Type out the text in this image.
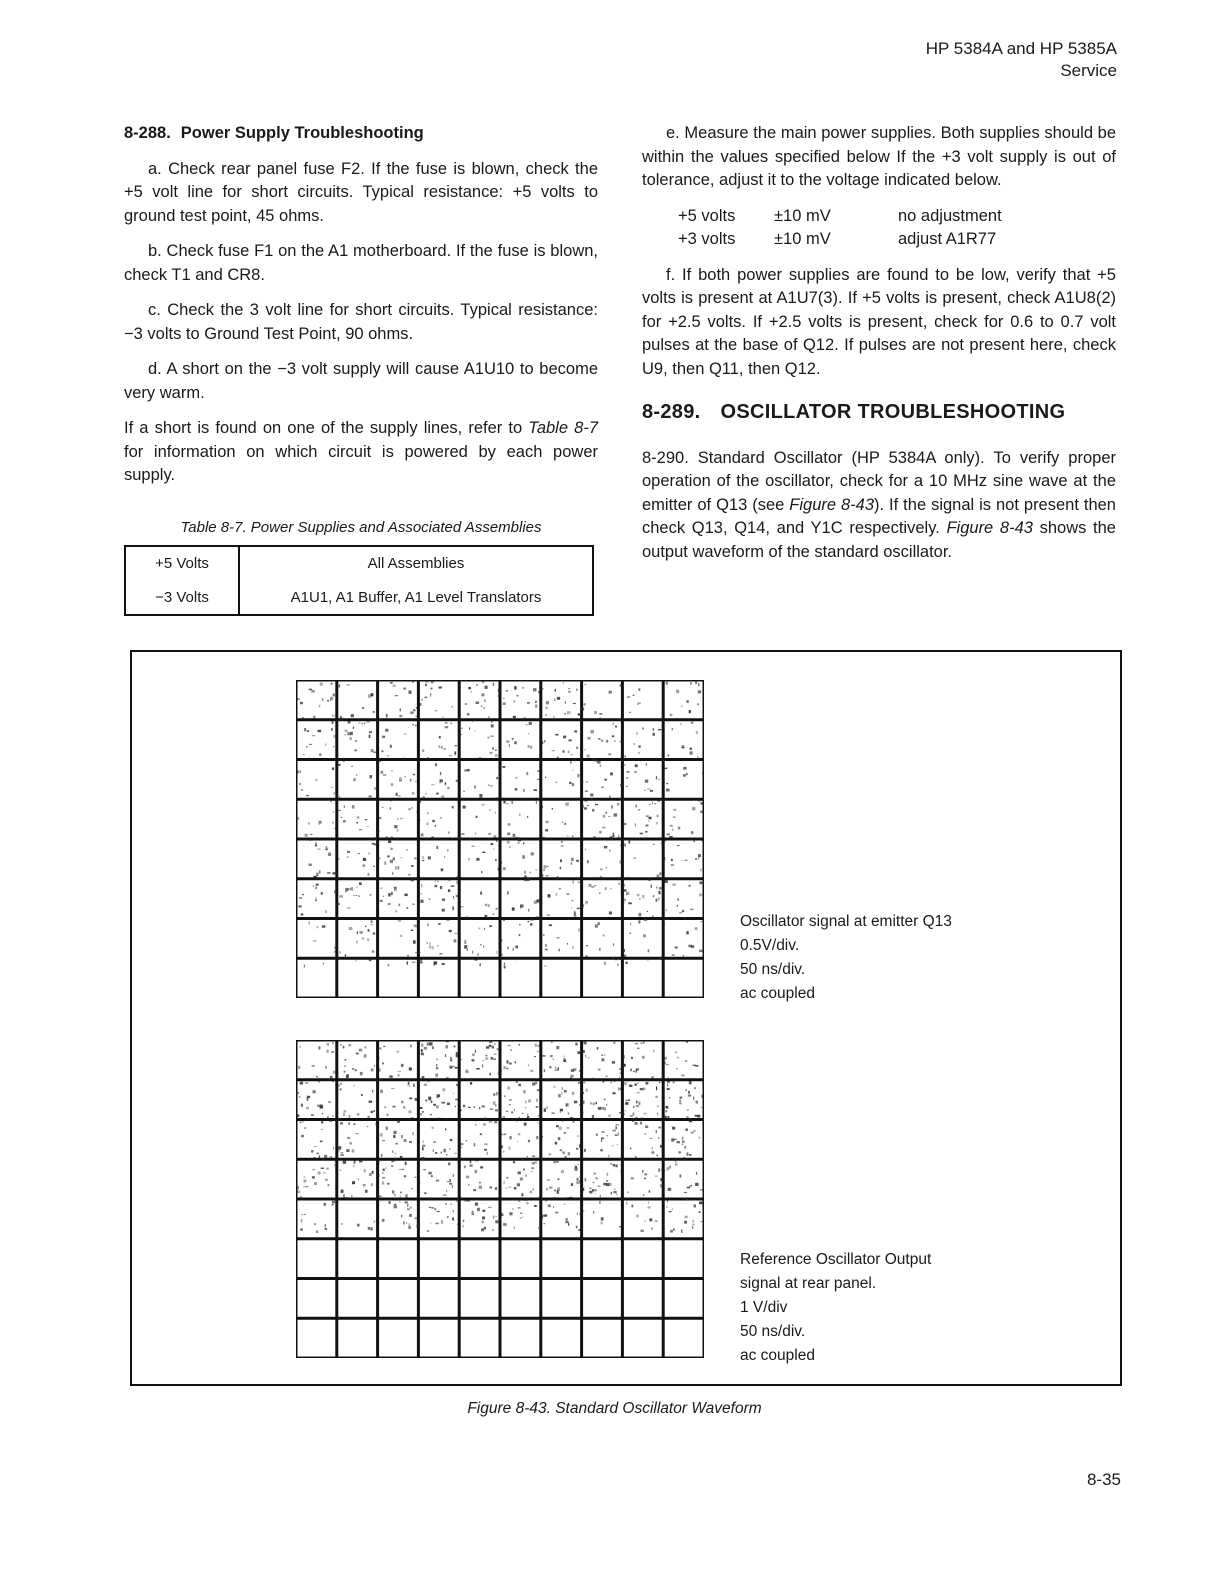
HP 5384A and HP 5385A
Service
8-288. Power Supply Troubleshooting

a. Check rear panel fuse F2. If the fuse is blown, check the +5 volt line for short circuits. Typical resistance: +5 volts to ground test point, 45 ohms.

b. Check fuse F1 on the A1 motherboard. If the fuse is blown, check T1 and CR8.

c. Check the 3 volt line for short circuits. Typical resistance: −3 volts to Ground Test Point, 90 ohms.

d. A short on the −3 volt supply will cause A1U10 to become very warm.

If a short is found on one of the supply lines, refer to Table 8-7 for information on which circuit is powered by each power supply.

Table 8-7. Power Supplies and Associated Assemblies
+5 Volts	All Assemblies
−3 Volts	A1U1, A1 Buffer, A1 Level Translators

e. Measure the main power supplies. Both supplies should be within the values specified below If the +3 volt supply is out of tolerance, adjust it to the voltage indicated below.

+5 volts	±10 mV	no adjustment
+3 volts	±10 mV	adjust A1R77

f. If both power supplies are found to be low, verify that +5 volts is present at A1U7(3). If +5 volts is present, check A1U8(2) for +2.5 volts. If +2.5 volts is present, check for 0.6 to 0.7 volt pulses at the base of Q12. If pulses are not present here, check U9, then Q11, then Q12.

8-289. OSCILLATOR TROUBLESHOOTING

8-290. Standard Oscillator (HP 5384A only). To verify proper operation of the oscillator, check for a 10 MHz sine wave at the emitter of Q13 (see Figure 8-43). If the signal is not present then check Q13, Q14, and Y1C respectively. Figure 8-43 shows the output waveform of the standard oscillator.

Oscillator signal at emitter Q13
0.5V/div.
50 ns/div.
ac coupled
Reference Oscillator Output
signal at rear panel.
1 V/div
50 ns/div.
ac coupled
Figure 8-43. Standard Oscillator Waveform
8-35
